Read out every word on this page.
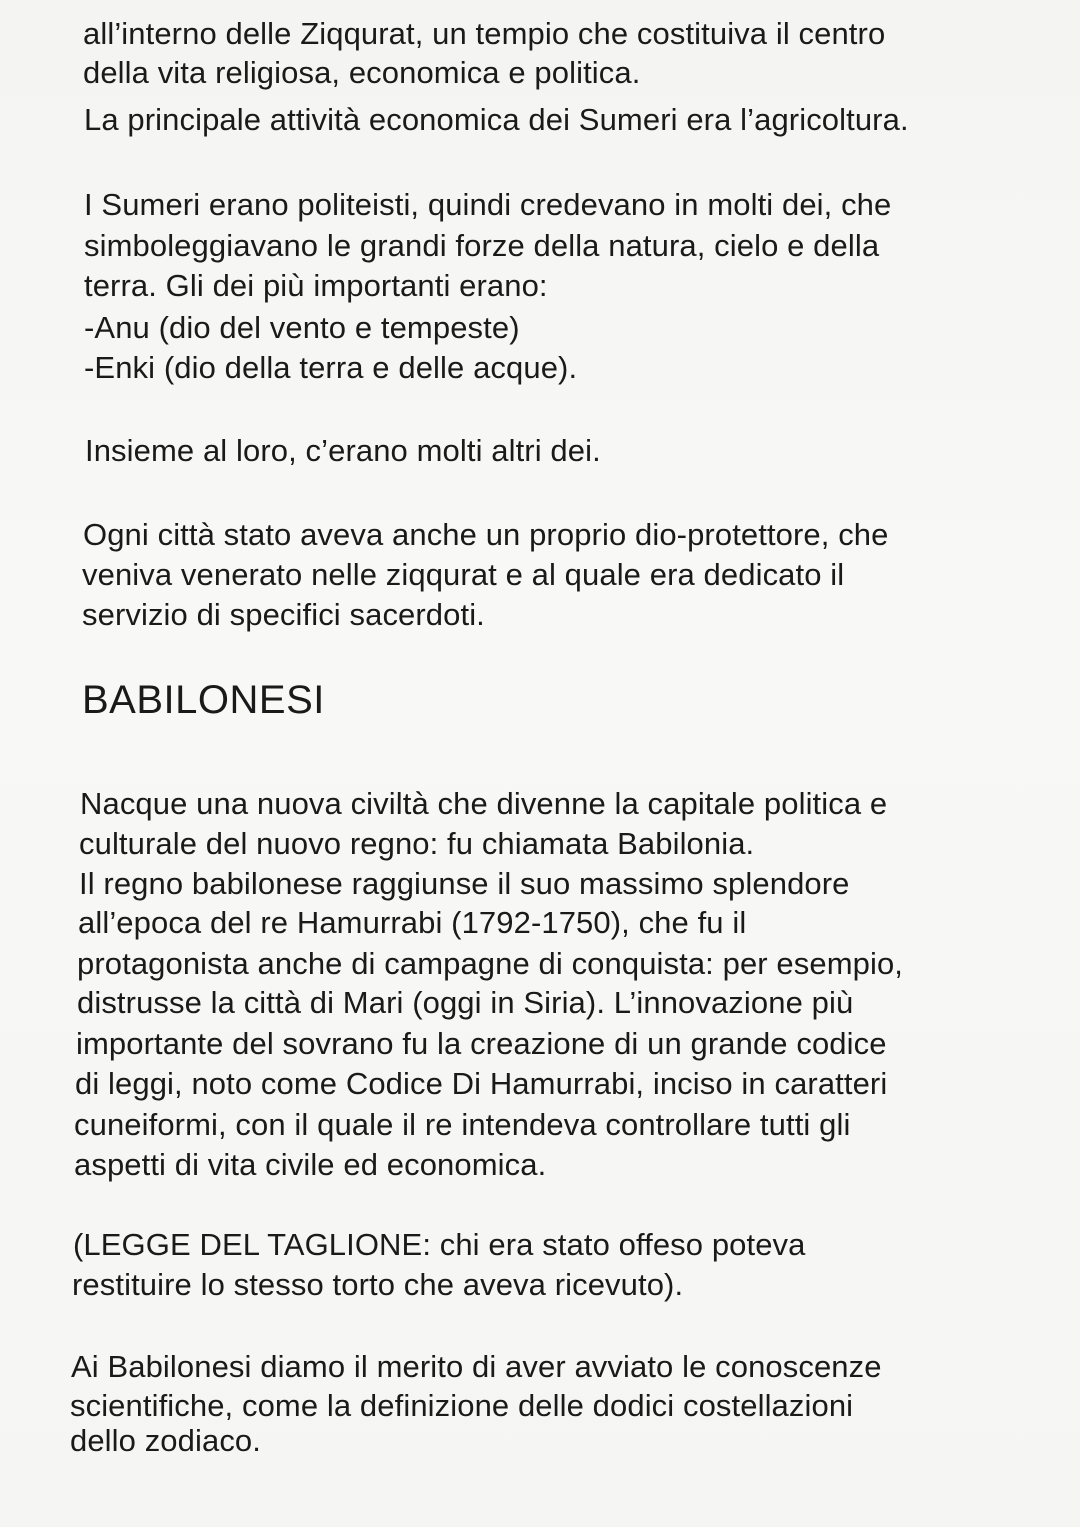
all’interno delle Ziqqurat, un tempio che costituiva il centro
della vita religiosa, economica e politica.
La principale attività economica dei Sumeri era l’agricoltura.
I Sumeri erano politeisti, quindi credevano in molti dei, che
simboleggiavano le grandi forze della natura, cielo e della
terra. Gli dei più importanti erano:
-Anu (dio del vento e tempeste)
-Enki (dio della terra e delle acque).
Insieme al loro, c’erano molti altri dei.
Ogni città stato aveva anche un proprio dio-protettore, che
veniva venerato nelle ziqqurat e al quale era dedicato il
servizio di specifici sacerdoti.
BABILONESI
Nacque una nuova civiltà che divenne la capitale politica e
culturale del nuovo regno: fu chiamata Babilonia.
Il regno babilonese raggiunse il suo massimo splendore
all’epoca del re Hamurrabi (1792-1750), che fu il
protagonista anche di campagne di conquista: per esempio,
distrusse la città di Mari (oggi in Siria). L’innovazione più
importante del sovrano fu la creazione di un grande codice
di leggi, noto come Codice Di Hamurrabi, inciso in caratteri
cuneiformi, con il quale il re intendeva controllare tutti gli
aspetti di vita civile ed economica.
(LEGGE DEL TAGLIONE: chi era stato offeso poteva
restituire lo stesso torto che aveva ricevuto).
Ai Babilonesi diamo il merito di aver avviato le conoscenze
scientifiche, come la definizione delle dodici costellazioni
dello zodiaco.
